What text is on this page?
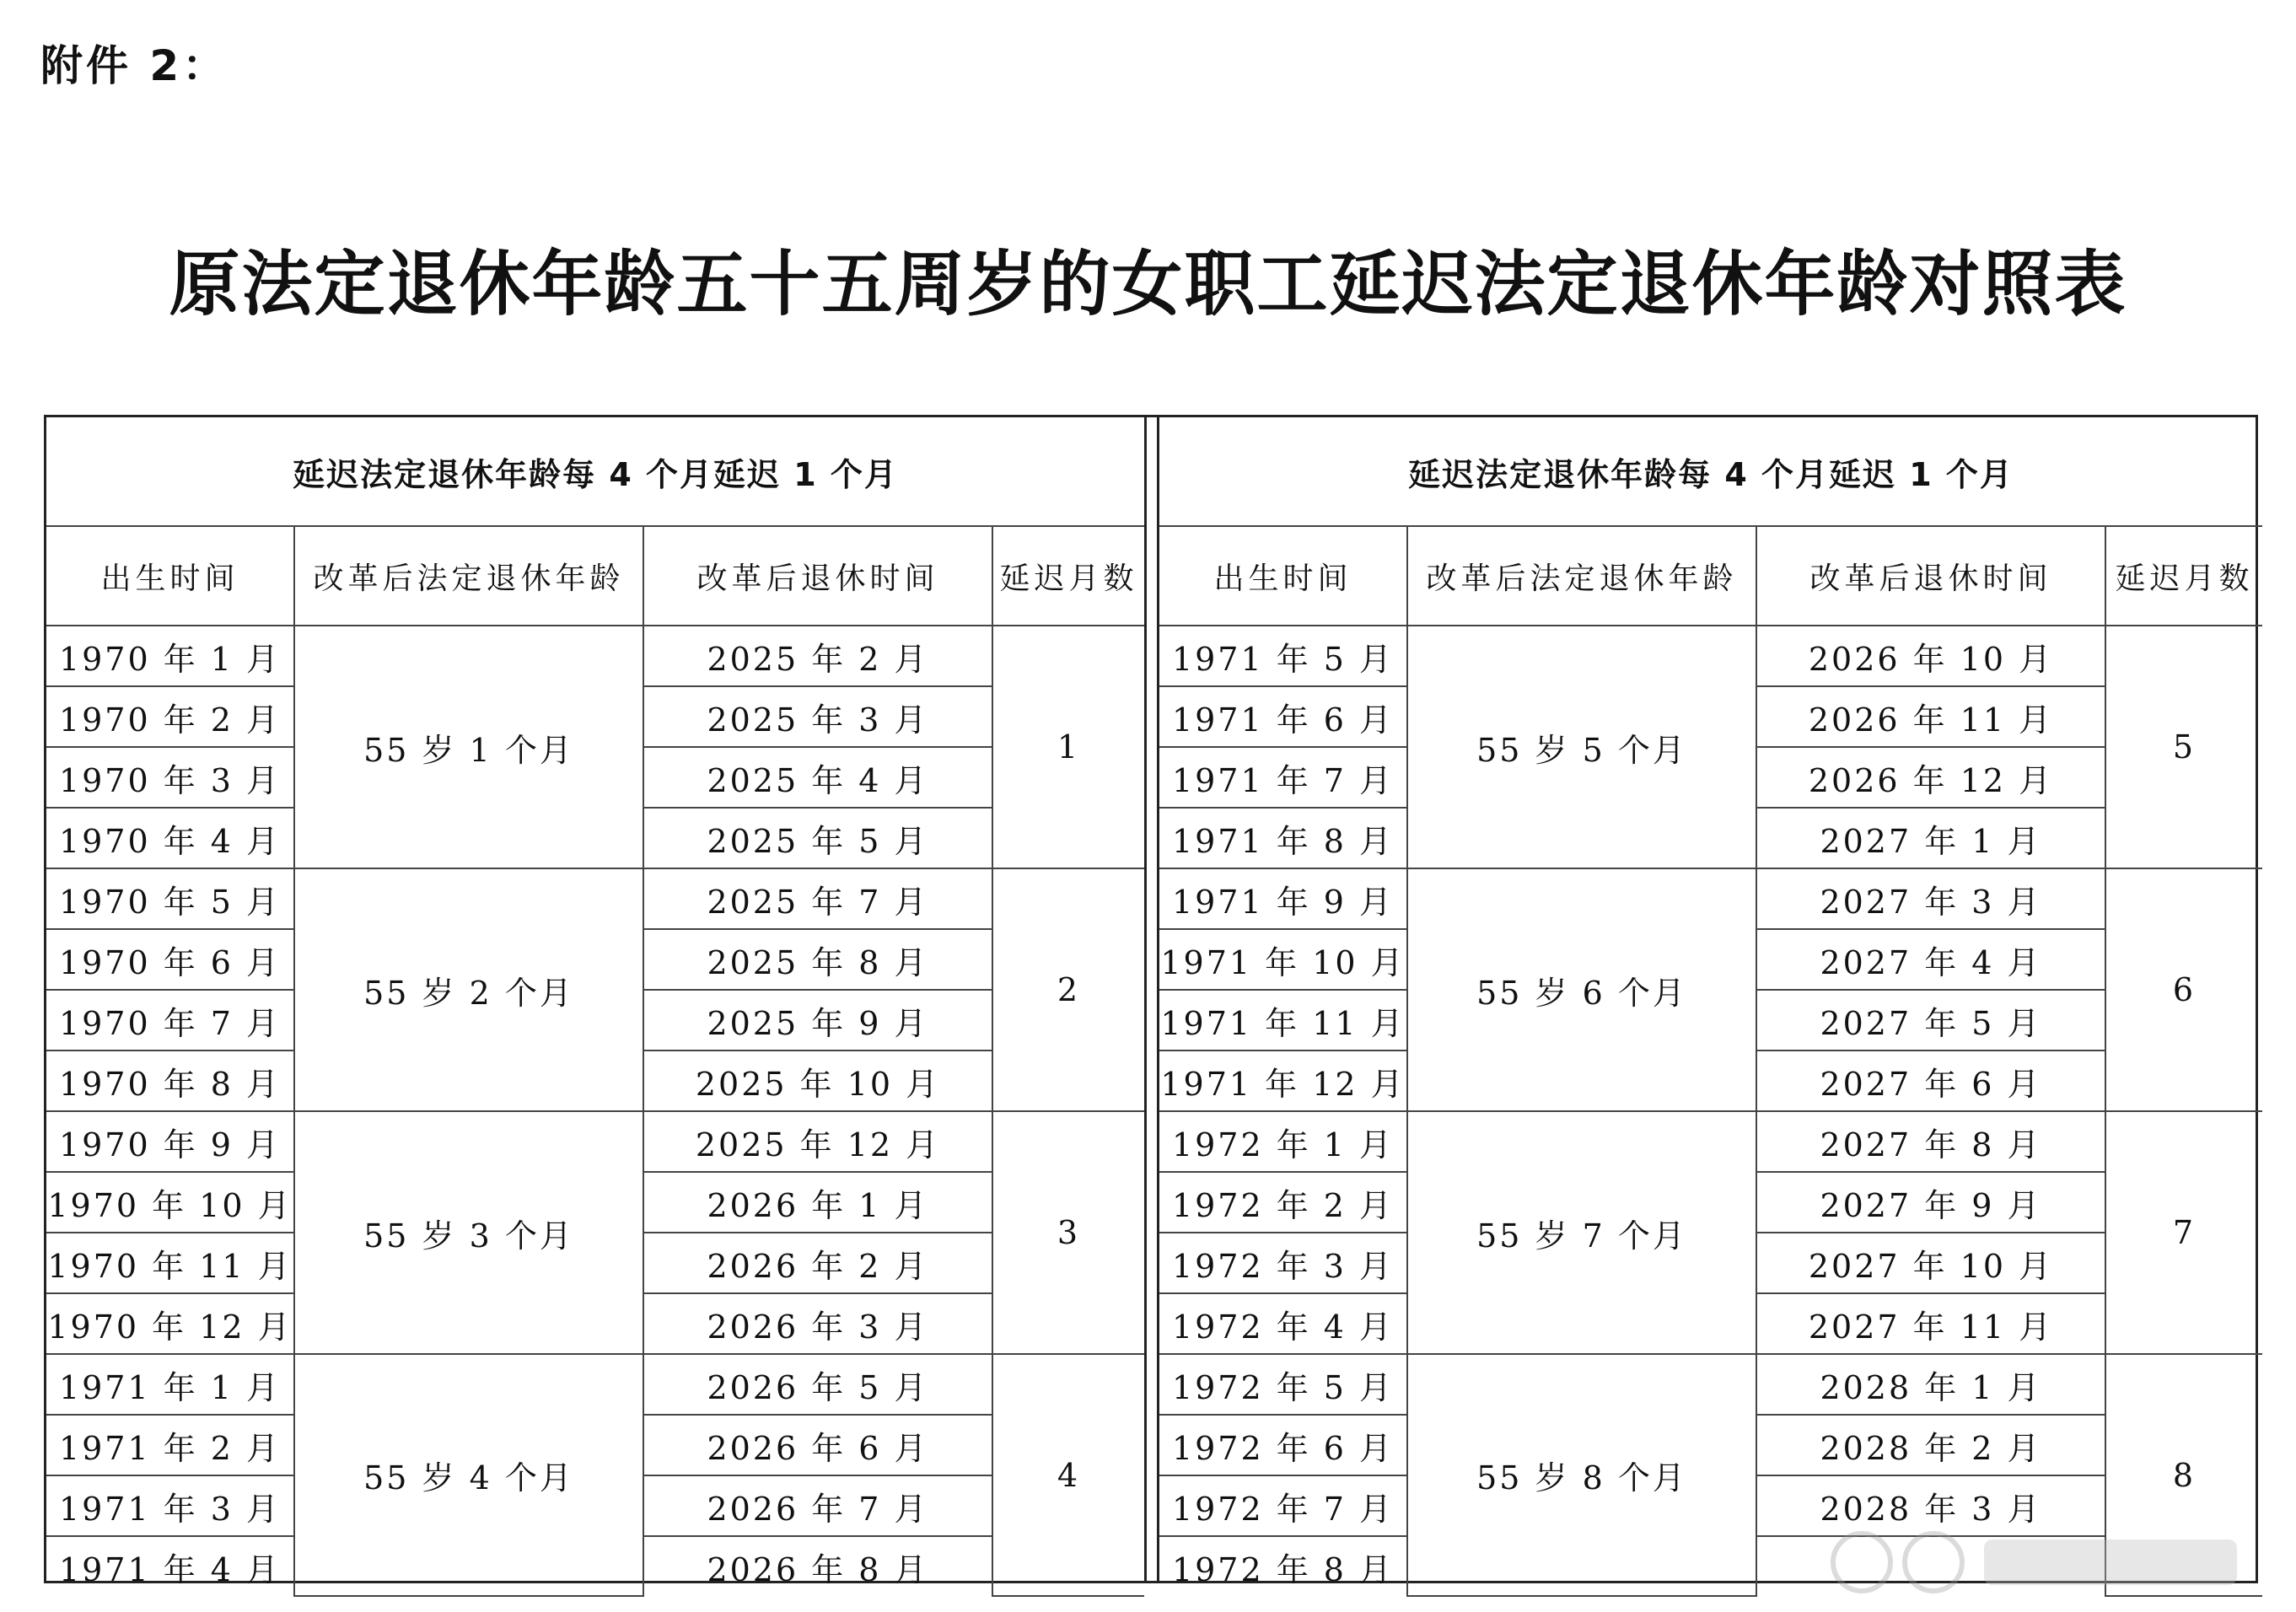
附件 2：
原法定退休年龄五十五周岁的女职工延迟法定退休年龄对照表
延迟法定退休年龄每 4 个月延迟 1 个月			
出生时间	改革后法定退休年龄	改革后退休时间	延迟月数
1970 年 1 月	55 岁 1 个月	2025 年 2 月	1
1970 年 2 月		2025 年 3 月	
1970 年 3 月		2025 年 4 月	
1970 年 4 月		2025 年 5 月	
1970 年 5 月	55 岁 2 个月	2025 年 7 月	2
1970 年 6 月		2025 年 8 月	
1970 年 7 月		2025 年 9 月	
1970 年 8 月		2025 年 10 月	
1970 年 9 月	55 岁 3 个月	2025 年 12 月	3
1970 年 10 月		2026 年 1 月	
1970 年 11 月		2026 年 2 月	
1970 年 12 月		2026 年 3 月	
1971 年 1 月	55 岁 4 个月	2026 年 5 月	4
1971 年 2 月		2026 年 6 月	
1971 年 3 月		2026 年 7 月	
1971 年 4 月		2026 年 8 月	
延迟法定退休年龄每 4 个月延迟 1 个月			
出生时间	改革后法定退休年龄	改革后退休时间	延迟月数
1971 年 5 月	55 岁 5 个月	2026 年 10 月	5
1971 年 6 月		2026 年 11 月	
1971 年 7 月		2026 年 12 月	
1971 年 8 月		2027 年 1 月	
1971 年 9 月	55 岁 6 个月	2027 年 3 月	6
1971 年 10 月		2027 年 4 月	
1971 年 11 月		2027 年 5 月	
1971 年 12 月		2027 年 6 月	
1972 年 1 月	55 岁 7 个月	2027 年 8 月	7
1972 年 2 月		2027 年 9 月	
1972 年 3 月		2027 年 10 月	
1972 年 4 月		2027 年 11 月	
1972 年 5 月	55 岁 8 个月	2028 年 1 月	8
1972 年 6 月		2028 年 2 月	
1972 年 7 月		2028 年 3 月	
1972 年 8 月			
